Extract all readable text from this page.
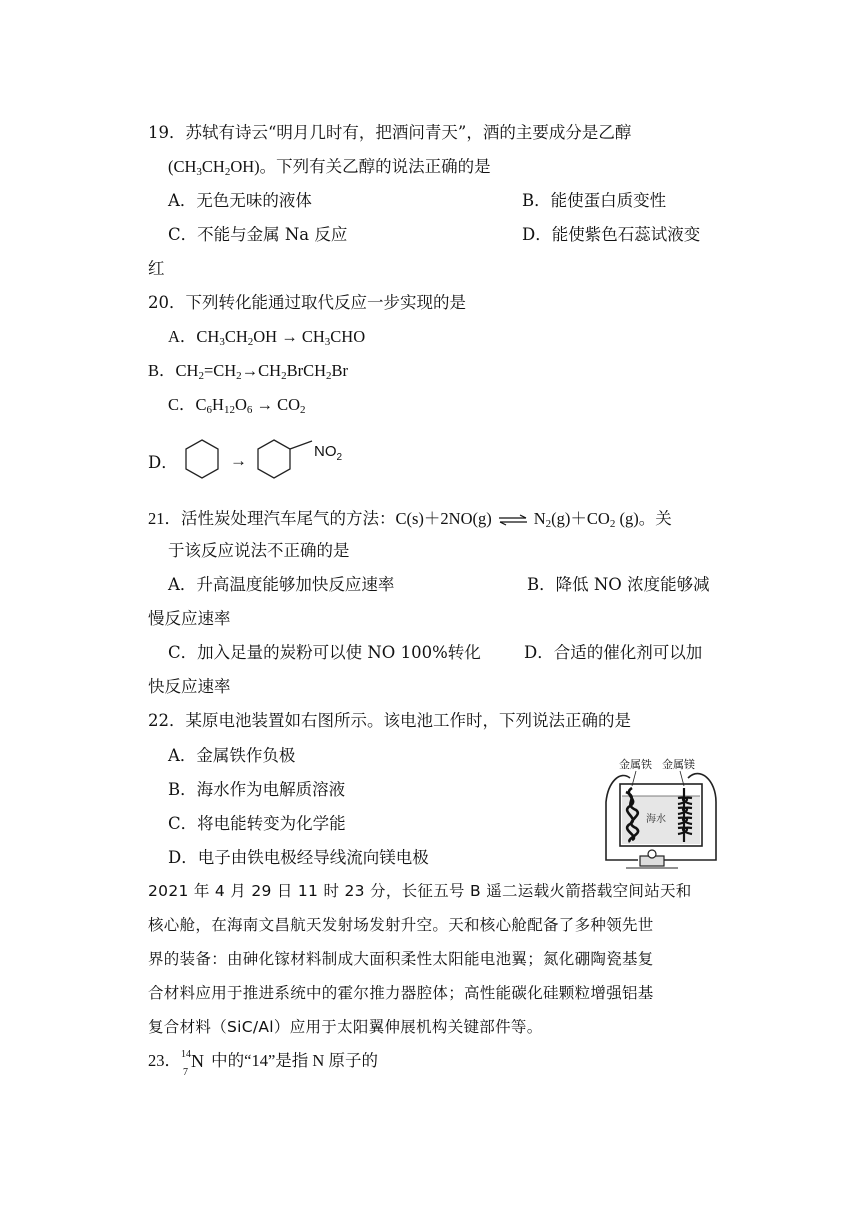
19．苏轼有诗云“明月几时有，把酒问青天”，酒的主要成分是乙醇
$(CH_3CH_2OH)$。下列有关乙醇的说法正确的是
A．无色无味的液体	B．能使蛋白质变性
C．不能与金属 Na 反应	D．能使紫色石蕊试液变
红
20．下列转化能通过取代反应一步实现的是
A．$CH_3CH_2OH \to CH_3CHO$
B．$CH_2=CH_2\to CH_2BrCH_2Br$
C．$C_6H_{12}O_6 \to CO_2$
D．	→	$NO_2$
21．活性炭处理汽车尾气的方法：C(s)＋2NO(g) ⇌ $N_2(g)+CO_2$ (g)。关
于该反应说法不正确的是
A．升高温度能够加快反应速率	B．降低 NO 浓度能够减
慢反应速率
C．加入足量的炭粉可以使 NO 100%转化	D．合适的催化剂可以加
快反应速率
22．某原电池装置如右图所示。该电池工作时，下列说法正确的是
A．金属铁作负极
B．海水作为电解质溶液
C．将电能转变为化学能
D．电子由铁电极经导线流向镁电极
金属铁 金属镁
海水
2021 年 4 月 29 日 11 时 23 分，长征五号 B 遥二运载火箭搭载空间站天和
核心舱，在海南文昌航天发射场发射升空。天和核心舱配备了多种领先世
界的装备：由砷化镓材料制成大面积柔性太阳能电池翼；氮化硼陶瓷基复
合材料应用于推进系统中的霍尔推力器腔体；高性能碳化硅颗粒增强铝基
复合材料（SiC/Al）应用于太阳翼伸展机构关键部件等。
23． 14
7
N 中的“14”是指 N 原子的
